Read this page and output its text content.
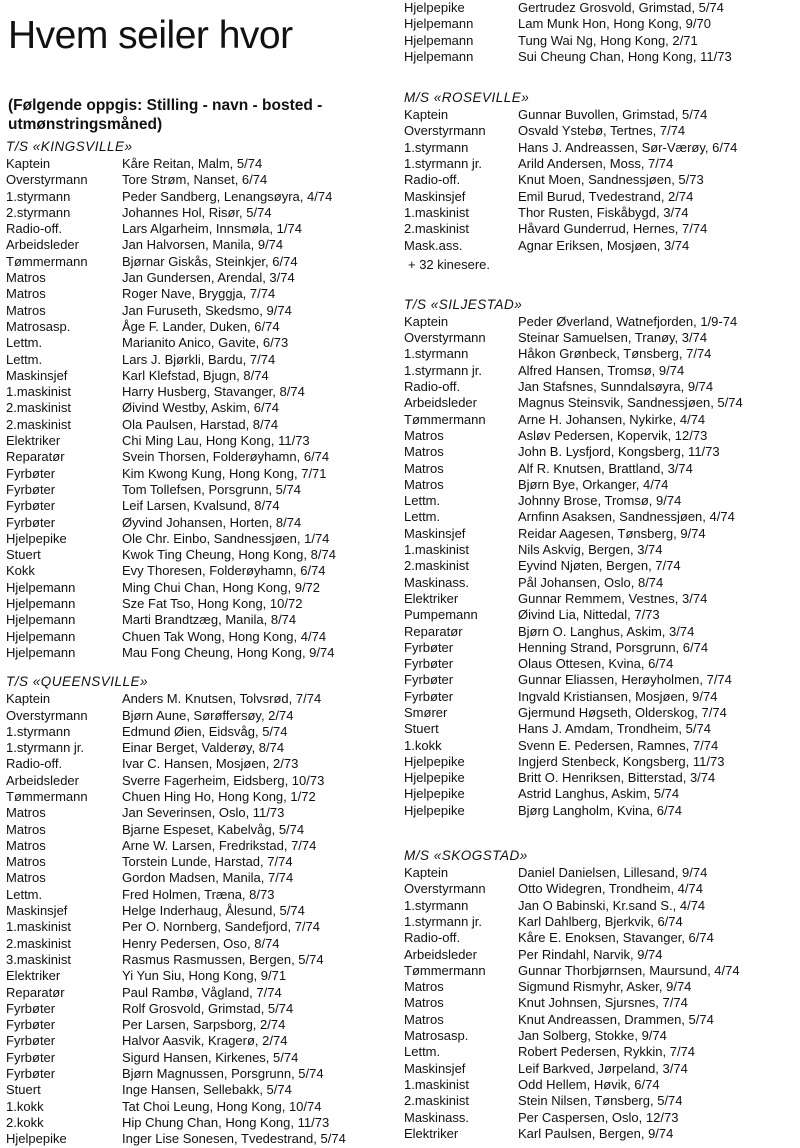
Hvem seiler hvor
(Følgende oppgis: Stilling - navn - bosted - utmønstringsmåned)
T/S «KINGSVILLE»
Kaptein	Kåre Reitan, Malm, 5/74
Overstyrmann	Tore Strøm, Nanset, 6/74
1.styrmann	Peder Sandberg, Lenangsøyra, 4/74
2.styrmann	Johannes Hol, Risør, 5/74
Radio-off.	Lars Algarheim, Innsmøla, 1/74
Arbeidsleder	Jan Halvorsen, Manila, 9/74
Tømmermann	Bjørnar Giskås, Steinkjer, 6/74
Matros	Jan Gundersen, Arendal, 3/74
Matros	Roger Nave, Bryggja, 7/74
Matros	Jan Furuseth, Skedsmo, 9/74
Matrosasp.	Åge F. Lander, Duken, 6/74
Lettm.	Marianito Anico, Gavite, 6/73
Lettm.	Lars J. Bjørkli, Bardu, 7/74
Maskinsjef	Karl Klefstad, Bjugn, 8/74
1.maskinist	Harry Husberg, Stavanger, 8/74
2.maskinist	Øivind Westby, Askim, 6/74
2.maskinist	Ola Paulsen, Harstad, 8/74
Elektriker	Chi Ming Lau, Hong Kong, 11/73
Reparatør	Svein Thorsen, Folderøyhamn, 6/74
Fyrbøter	Kim Kwong Kung, Hong Kong, 7/71
Fyrbøter	Tom Tollefsen, Porsgrunn, 5/74
Fyrbøter	Leif Larsen, Kvalsund, 8/74
Fyrbøter	Øyvind Johansen, Horten, 8/74
Hjelpepike	Ole Chr. Einbo, Sandnessjøen, 1/74
Stuert	Kwok Ting Cheung, Hong Kong, 8/74
Kokk	Evy Thoresen, Folderøyhamn, 6/74
Hjelpemann	Ming Chui Chan, Hong Kong, 9/72
Hjelpemann	Sze Fat Tso, Hong Kong, 10/72
Hjelpemann	Marti Brandtzæg, Manila, 8/74
Hjelpemann	Chuen Tak Wong, Hong Kong, 4/74
Hjelpemann	Mau Fong Cheung, Hong Kong, 9/74
T/S «QUEENSVILLE»
Kaptein	Anders M. Knutsen, Tolvsrød, 7/74
Overstyrmann	Bjørn Aune, Sørøffersøy, 2/74
1.styrmann	Edmund Øien, Eidsvåg, 5/74
1.styrmann jr.	Einar Berget, Valderøy, 8/74
Radio-off.	Ivar C. Hansen, Mosjøen, 2/73
Arbeidsleder	Sverre Fagerheim, Eidsberg, 10/73
Tømmermann	Chuen Hing Ho, Hong Kong, 1/72
Matros	Jan Severinsen, Oslo, 11/73
Matros	Bjarne Espeset, Kabelvåg, 5/74
Matros	Arne W. Larsen, Fredrikstad, 7/74
Matros	Torstein Lunde, Harstad, 7/74
Matros	Gordon Madsen, Manila, 7/74
Lettm.	Fred Holmen, Træna, 8/73
Maskinsjef	Helge Inderhaug, Ålesund, 5/74
1.maskinist	Per O. Nornberg, Sandefjord, 7/74
2.maskinist	Henry Pedersen, Oso, 8/74
3.maskinist	Rasmus Rasmussen, Bergen, 5/74
Elektriker	Yi Yun Siu, Hong Kong, 9/71
Reparatør	Paul Rambø, Vågland, 7/74
Fyrbøter	Rolf Grosvold, Grimstad, 5/74
Fyrbøter	Per Larsen, Sarpsborg, 2/74
Fyrbøter	Halvor Aasvik, Kragerø, 2/74
Fyrbøter	Sigurd Hansen, Kirkenes, 5/74
Fyrbøter	Bjørn Magnussen, Porsgrunn, 5/74
Stuert	Inge Hansen, Sellebakk, 5/74
1.kokk	Tat Choi Leung, Hong Kong, 10/74
2.kokk	Hip Chung Chan, Hong Kong, 11/73
Hjelpepike	Inger Lise Sonesen, Tvedestrand, 5/74
Hjelpepike	Gertrudez Grosvold, Grimstad, 5/74
Hjelpemann	Lam Munk Hon, Hong Kong, 9/70
Hjelpemann	Tung Wai Ng, Hong Kong, 2/71
Hjelpemann	Sui Cheung Chan, Hong Kong, 11/73
M/S «ROSEVILLE»
Kaptein	Gunnar Buvollen, Grimstad, 5/74
Overstyrmann	Osvald Ystebø, Tertnes, 7/74
1.styrmann	Hans J. Andreassen, Sør-Værøy, 6/74
1.styrmann jr.	Arild Andersen, Moss, 7/74
Radio-off.	Knut Moen, Sandnessjøen, 5/73
Maskinsjef	Emil Burud, Tvedestrand, 2/74
1.maskinist	Thor Rusten, Fiskåbygd, 3/74
2.maskinist	Håvard Gunderrud, Hernes, 7/74
Mask.ass.	Agnar Eriksen, Mosjøen, 3/74
+ 32 kinesere.
T/S «SILJESTAD»
Kaptein	Peder Øverland, Watnefjorden, 1/9-74
Overstyrmann	Steinar Samuelsen, Tranøy, 3/74
1.styrmann	Håkon Grønbeck, Tønsberg, 7/74
1.styrmann jr.	Alfred Hansen, Tromsø, 9/74
Radio-off.	Jan Stafsnes, Sunndalsøyra, 9/74
Arbeidsleder	Magnus Steinsvik, Sandnessjøen, 5/74
Tømmermann	Arne H. Johansen, Nykirke, 4/74
Matros	Asløv Pedersen, Kopervik, 12/73
Matros	John B. Lysfjord, Kongsberg, 11/73
Matros	Alf R. Knutsen, Brattland, 3/74
Matros	Bjørn Bye, Orkanger, 4/74
Lettm.	Johnny Brose, Tromsø, 9/74
Lettm.	Arnfinn Asaksen, Sandnessjøen, 4/74
Maskinsjef	Reidar Aagesen, Tønsberg, 9/74
1.maskinist	Nils Askvig, Bergen, 3/74
2.maskinist	Eyvind Njøten, Bergen, 7/74
Maskinass.	Pål Johansen, Oslo, 8/74
Elektriker	Gunnar Remmem, Vestnes, 3/74
Pumpemann	Øivind Lia, Nittedal, 7/73
Reparatør	Bjørn O. Langhus, Askim, 3/74
Fyrbøter	Henning Strand, Porsgrunn, 6/74
Fyrbøter	Olaus Ottesen, Kvina, 6/74
Fyrbøter	Gunnar Eliassen, Herøyholmen, 7/74
Fyrbøter	Ingvald Kristiansen, Mosjøen, 9/74
Smører	Gjermund Høgseth, Olderskog, 7/74
Stuert	Hans J. Amdam, Trondheim, 5/74
1.kokk	Svenn E. Pedersen, Ramnes, 7/74
Hjelpepike	Ingjerd Stenbeck, Kongsberg, 11/73
Hjelpepike	Britt O. Henriksen, Bitterstad, 3/74
Hjelpepike	Astrid Langhus, Askim, 5/74
Hjelpepike	Bjørg Langholm, Kvina, 6/74
M/S «SKOGSTAD»
Kaptein	Daniel Danielsen, Lillesand, 9/74
Overstyrmann	Otto Widegren, Trondheim, 4/74
1.styrmann	Jan O Babinski, Kr.sand S., 4/74
1.styrmann jr.	Karl Dahlberg, Bjerkvik, 6/74
Radio-off.	Kåre E. Enoksen, Stavanger, 6/74
Arbeidsleder	Per Rindahl, Narvik, 9/74
Tømmermann	Gunnar Thorbjørnsen, Maursund, 4/74
Matros	Sigmund Rismyhr, Asker, 9/74
Matros	Knut Johnsen, Sjursnes, 7/74
Matros	Knut Andreassen, Drammen, 5/74
Matrosasp.	Jan Solberg, Stokke, 9/74
Lettm.	Robert Pedersen, Rykkin, 7/74
Maskinsjef	Leif Barkved, Jørpeland, 3/74
1.maskinist	Odd Hellem, Høvik, 6/74
2.maskinist	Stein Nilsen, Tønsberg, 5/74
Maskinass.	Per Caspersen, Oslo, 12/73
Elektriker	Karl Paulsen, Bergen, 9/74
